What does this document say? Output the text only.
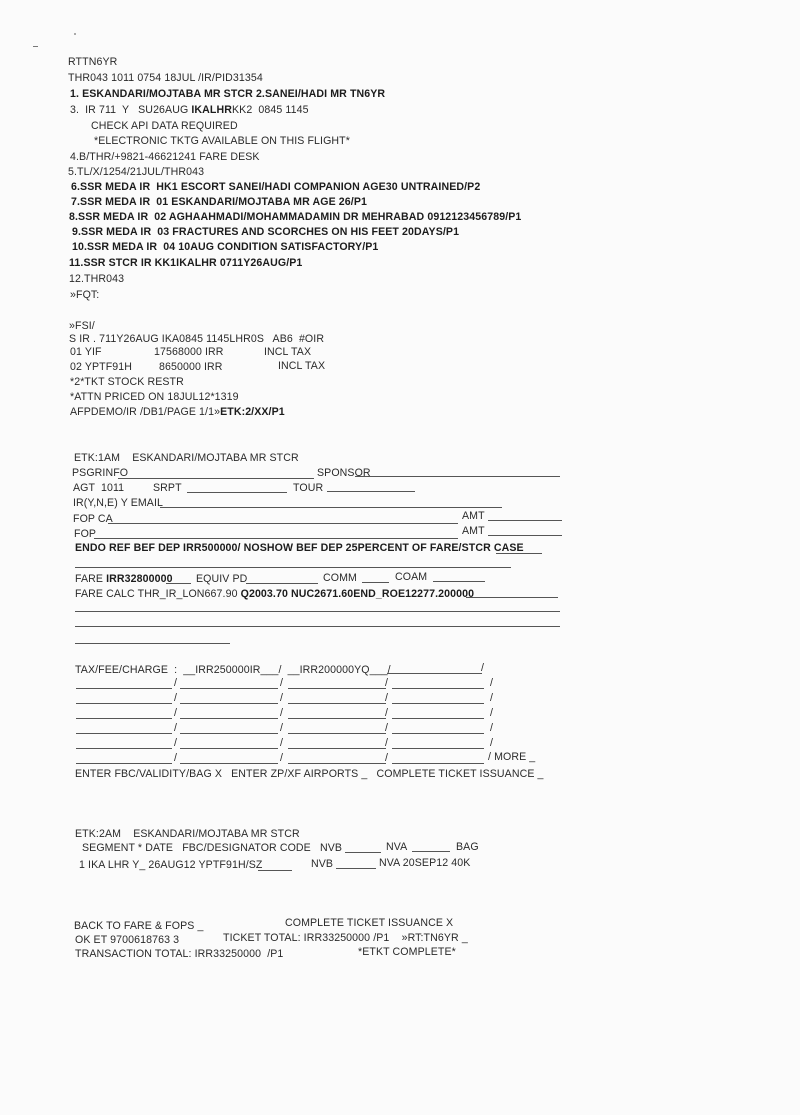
RTTN6YR
THR043 1011 0754 18JUL /IR/PID31354
1. ESKANDARI/MOJTABA MR STCR 2.SANEI/HADI MR TN6YR
3.  IR 711  Y   SU26AUG IKALHRKK2  0845 1145
CHECK API DATA REQUIRED
*ELECTRONIC TKTG AVAILABLE ON THIS FLIGHT*
4.B/THR/+9821-46621241 FARE DESK
5.TL/X/1254/21JUL/THR043
6.SSR MEDA IR  HK1 ESCORT SANEI/HADI COMPANION AGE30 UNTRAINED/P2
7.SSR MEDA IR  01 ESKANDARI/MOJTABA MR AGE 26/P1
8.SSR MEDA IR  02 AGHAAHMADI/MOHAMMADAMIN DR MEHRABAD 0912123456789/P1
9.SSR MEDA IR  03 FRACTURES AND SCORCHES ON HIS FEET 20DAYS/P1
10.SSR MEDA IR  04 10AUG CONDITION SATISFACTORY/P1
11.SSR STCR IR KK1IKALHR 0711Y26AUG/P1
12.THR043
»FQT:
»FSI/
S IR . 711Y26AUG IKA0845 1145LHR0S   AB6  #OIR
01 YIF	17568000 IRR	INCL TAX
02 YPTF91H	8650000 IRR	INCL TAX
*2*TKT STOCK RESTR
*ATTN PRICED ON 18JUL12*1319
AFPDEMO/IR /DB1/PAGE 1/1»ETK:2/XX/P1
ETK:1AM    ESKANDARI/MOJTABA MR STCR
PSGRINFO	SPONSOR
AGT  1011	SRPT	TOUR
IR(Y,N,E) Y EMAIL
FOP CA	AMT
FOP	AMT
ENDO REF BEF DEP IRR500000/ NOSHOW BEF DEP 25PERCENT OF FARE/STCR CASE
FARE IRR32800000 EQUIV PD	COMM	COAM
FARE CALC THR_IR_LON667.90 Q2003.70 NUC2671.60END_ROE12277.200000
TAX/FEE/CHARGE  :  __IRR250000IR___/  __IRR200000YQ___/	/
/	/	/	/
/	/	/	/
/	/	/	/
/	/	/	/
/	/	/	/
/	/	/	/ MORE _
ENTER FBC/VALIDITY/BAG X   ENTER ZP/XF AIRPORTS _   COMPLETE TICKET ISSUANCE _
ETK:2AM    ESKANDARI/MOJTABA MR STCR
SEGMENT * DATE   FBC/DESIGNATOR CODE   NVB	NVA	BAG
1 IKA LHR Y_ 26AUG12 YPTF91H/SZ	NVB	NVA 20SEP12 40K
BACK TO FARE & FOPS _	COMPLETE TICKET ISSUANCE X
OK ET 9700618763 3	TICKET TOTAL: IRR33250000 /P1    »RT:TN6YR _
TRANSACTION TOTAL: IRR33250000  /P1	*ETKT COMPLETE*
